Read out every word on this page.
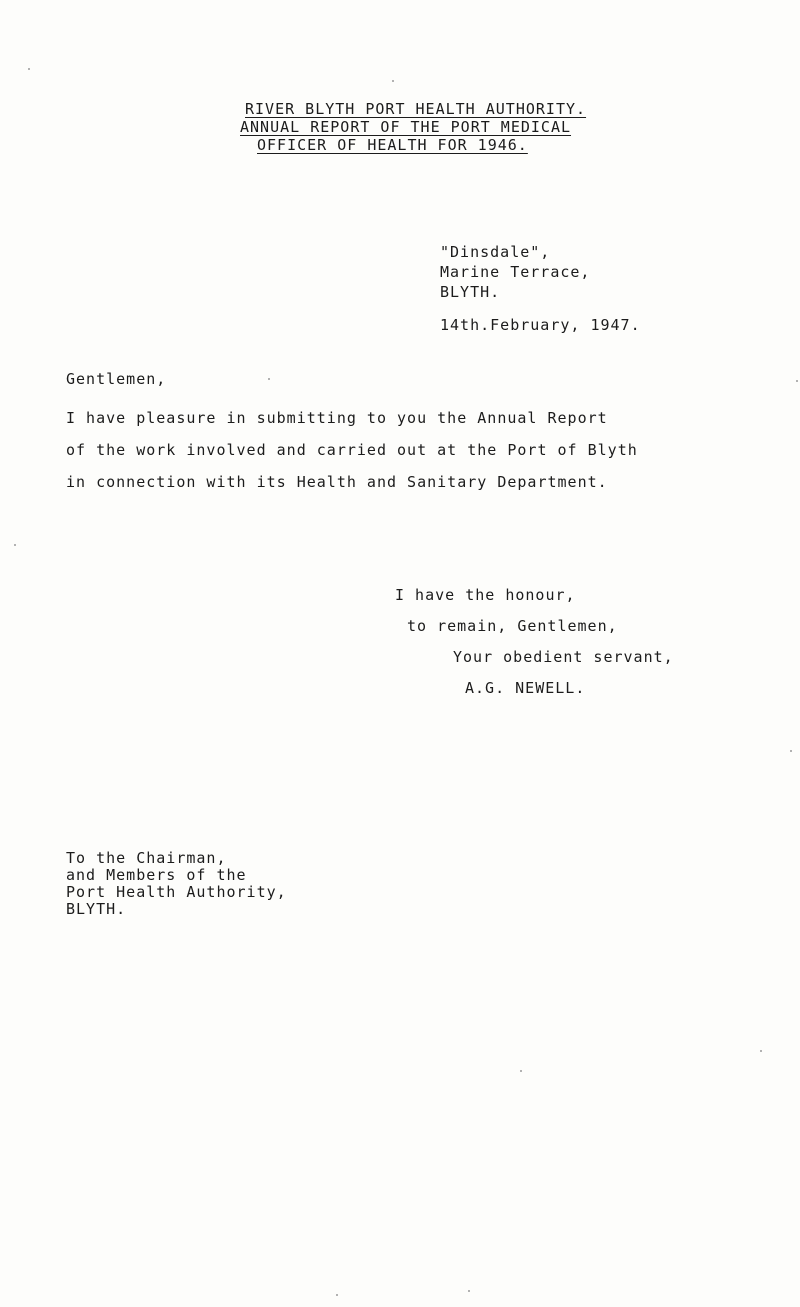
RIVER BLYTH PORT HEALTH AUTHORITY.
ANNUAL REPORT OF THE PORT MEDICAL
OFFICER OF HEALTH FOR 1946.
"Dinsdale",
Marine Terrace,
BLYTH.
14th.February, 1947.
Gentlemen,
I have pleasure in submitting to you the Annual Report
of the work involved and carried out at the Port of Blyth
in connection with its Health and Sanitary Department.
I have the honour,
to remain, Gentlemen,
Your obedient servant,
A.G. NEWELL.
To the Chairman,
and Members of the
Port Health Authority,
BLYTH.
